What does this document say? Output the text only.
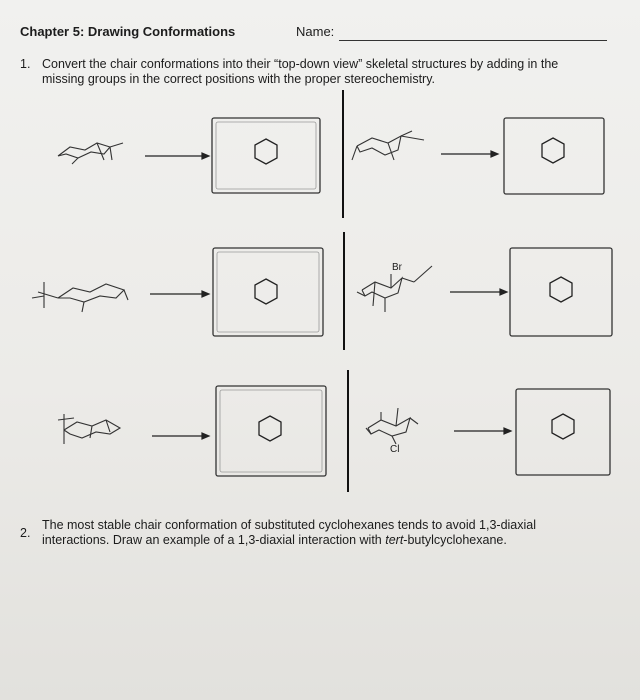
Chapter 5: Drawing Conformations	Name:
1. Convert the chair conformations into their “top-down view” skeletal structures by adding in the missing groups in the correct positions with the proper stereochemistry.
Br
Cl
2.
The most stable chair conformation of substituted cyclohexanes tends to avoid 1,3-diaxial interactions. Draw an example of a 1,3-diaxial interaction with tert-butylcyclohexane.
